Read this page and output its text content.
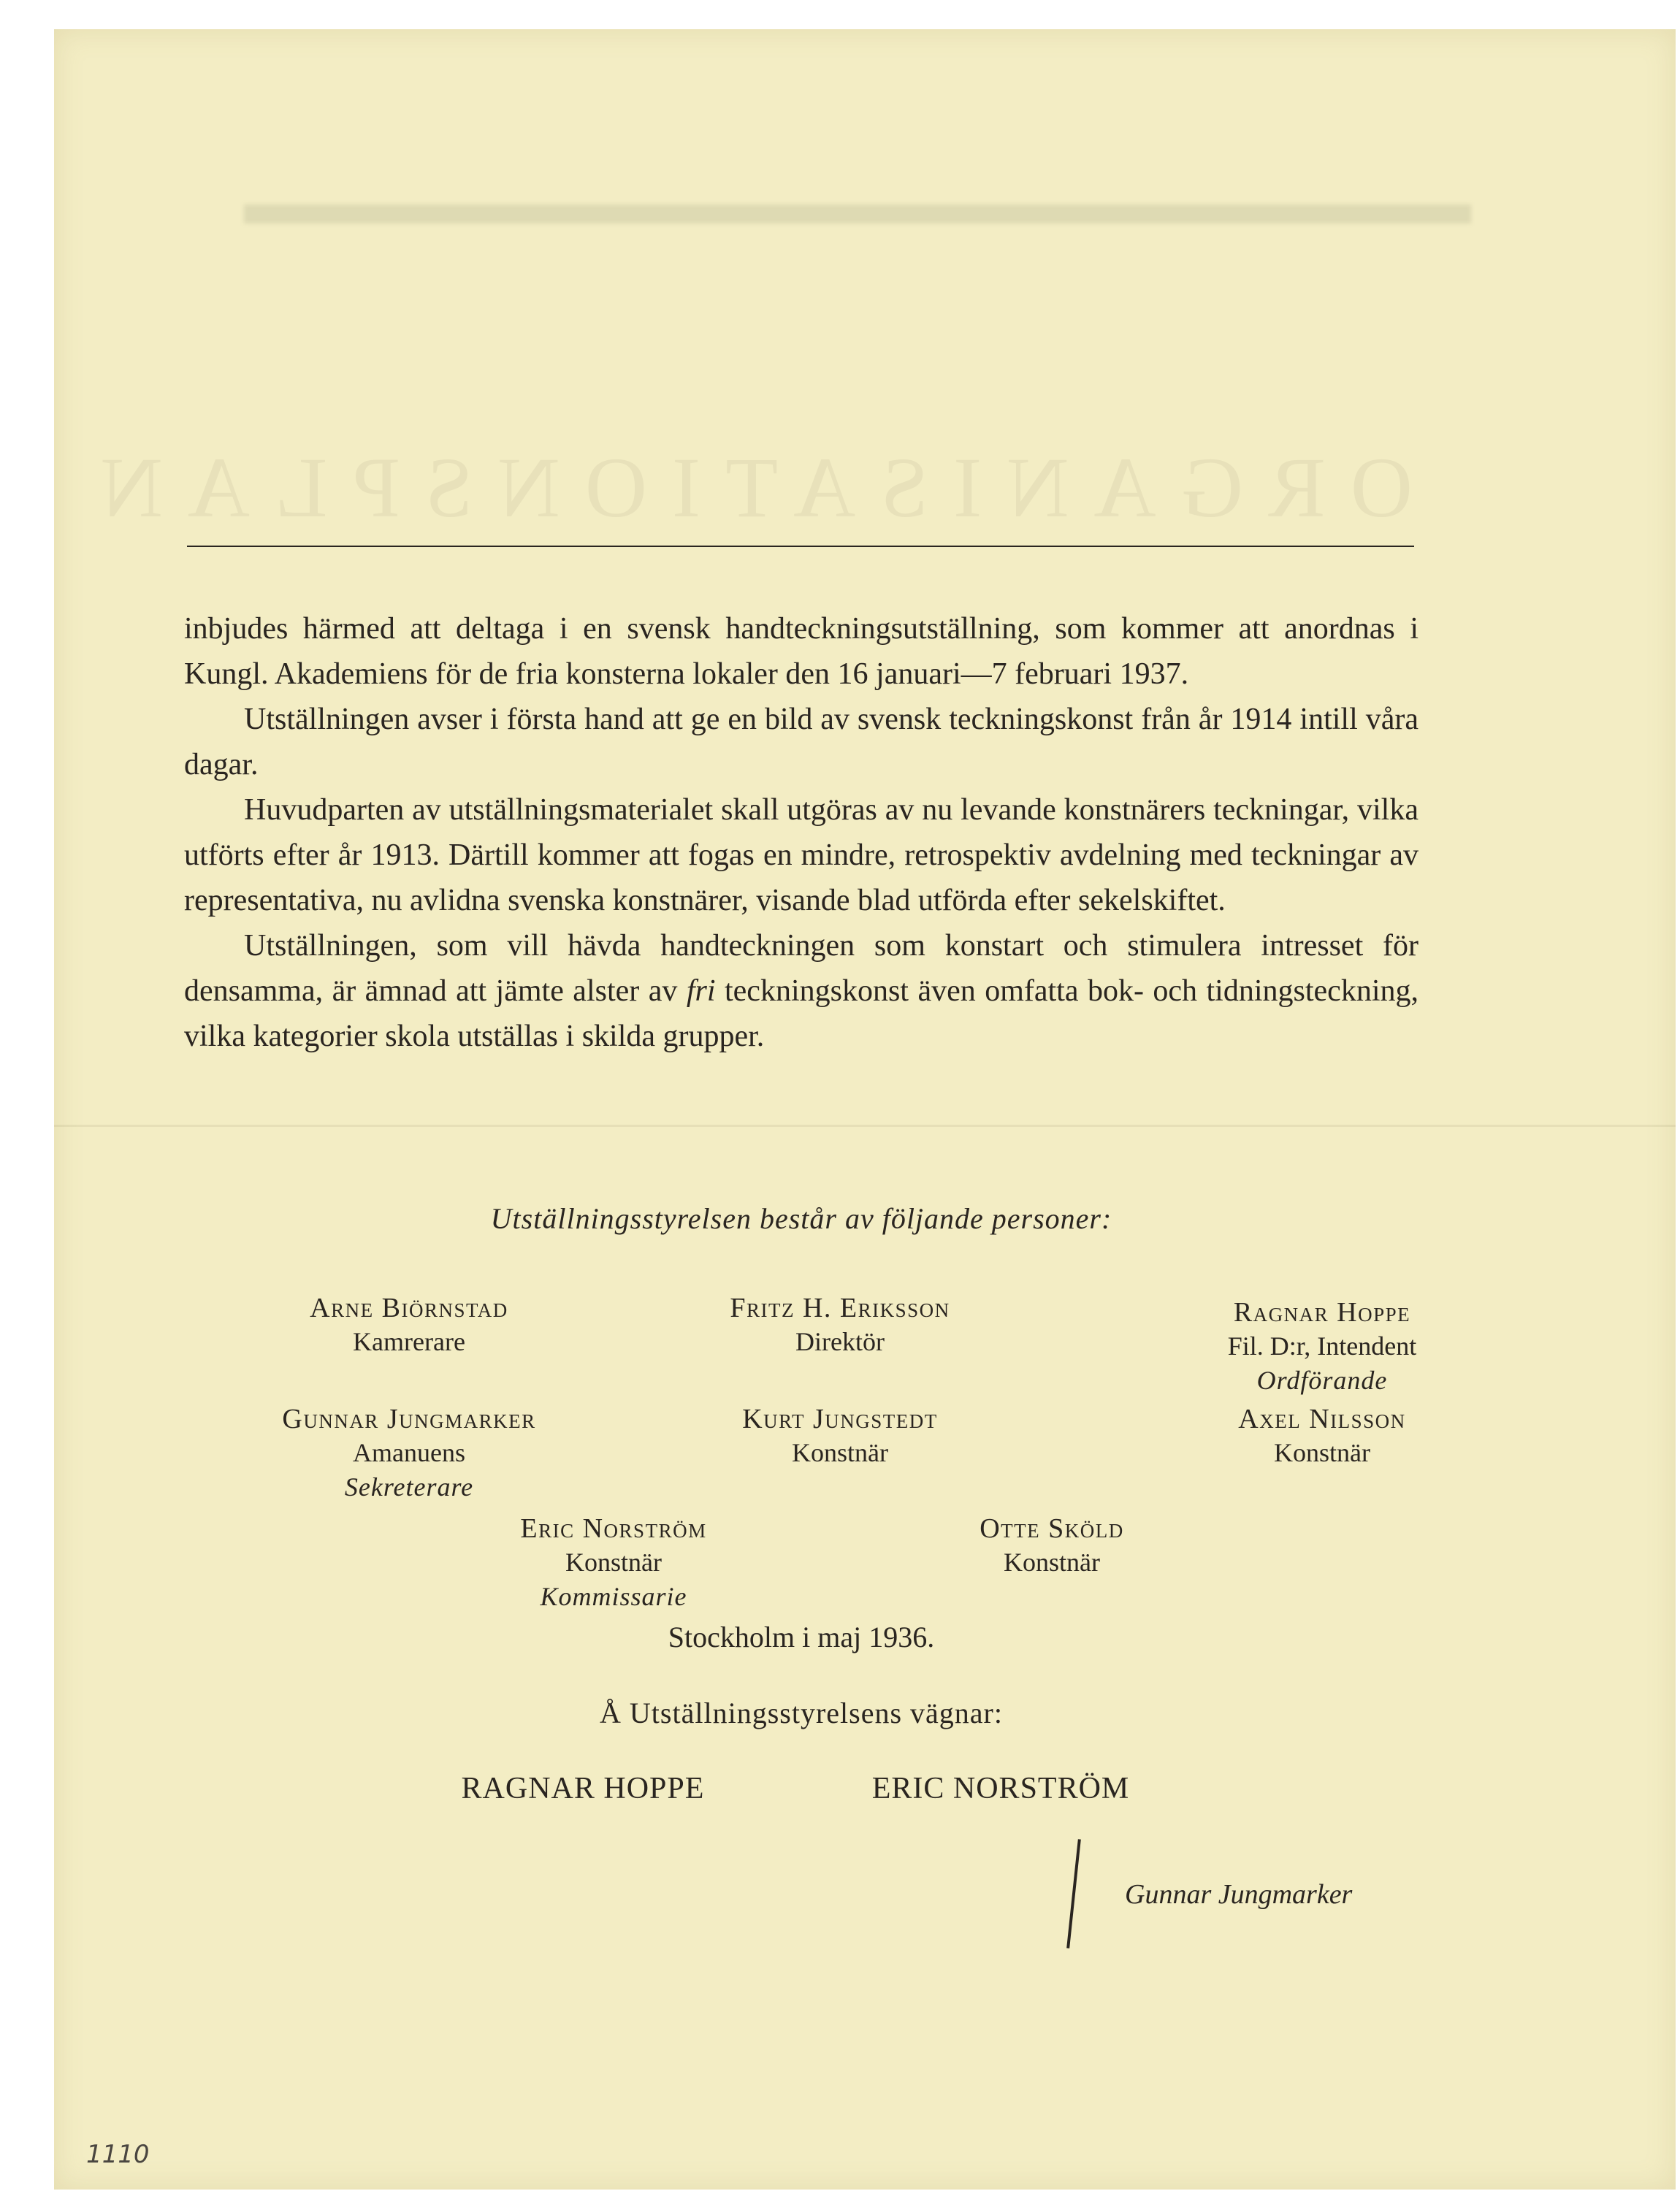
ORGANISATIONSPLAN

inbjudes härmed att deltaga i en svensk handteckningsutställning, som kommer att anordnas i Kungl. Akademiens för de fria konsterna lokaler den 16 januari—7 februari 1937.

Utställningen avser i första hand att ge en bild av svensk teckningskonst från år 1914 intill våra dagar.

Huvudparten av utställningsmaterialet skall utgöras av nu levande konstnärers teckningar, vilka utförts efter år 1913. Därtill kommer att fogas en mindre, retrospektiv avdelning med teckningar av representativa, nu avlidna svenska konstnärer, visande blad utförda efter sekelskiftet.

Utställningen, som vill hävda handteckningen som konstart och stimulera intresset för densamma, är ämnad att jämte alster av fri teckningskonst även omfatta bok- och tidningsteckning, vilka kategorier skola utställas i skilda grupper.

Utställningsstyrelsen består av följande personer:
Arne Biörnstad
Kamrerare
Fritz H. Eriksson
Direktör
Ragnar Hoppe
Fil. D:r, Intendent
Ordförande
Gunnar Jungmarker
Amanuens
Sekreterare
Kurt Jungstedt
Konstnär
Axel Nilsson
Konstnär
Eric Norström
Konstnär
Kommissarie
Otte Sköld
Konstnär
Stockholm i maj 1936.
Å Utställningsstyrelsens vägnar:
RAGNAR HOPPE	ERIC NORSTRÖM
Gunnar Jungmarker
1110
